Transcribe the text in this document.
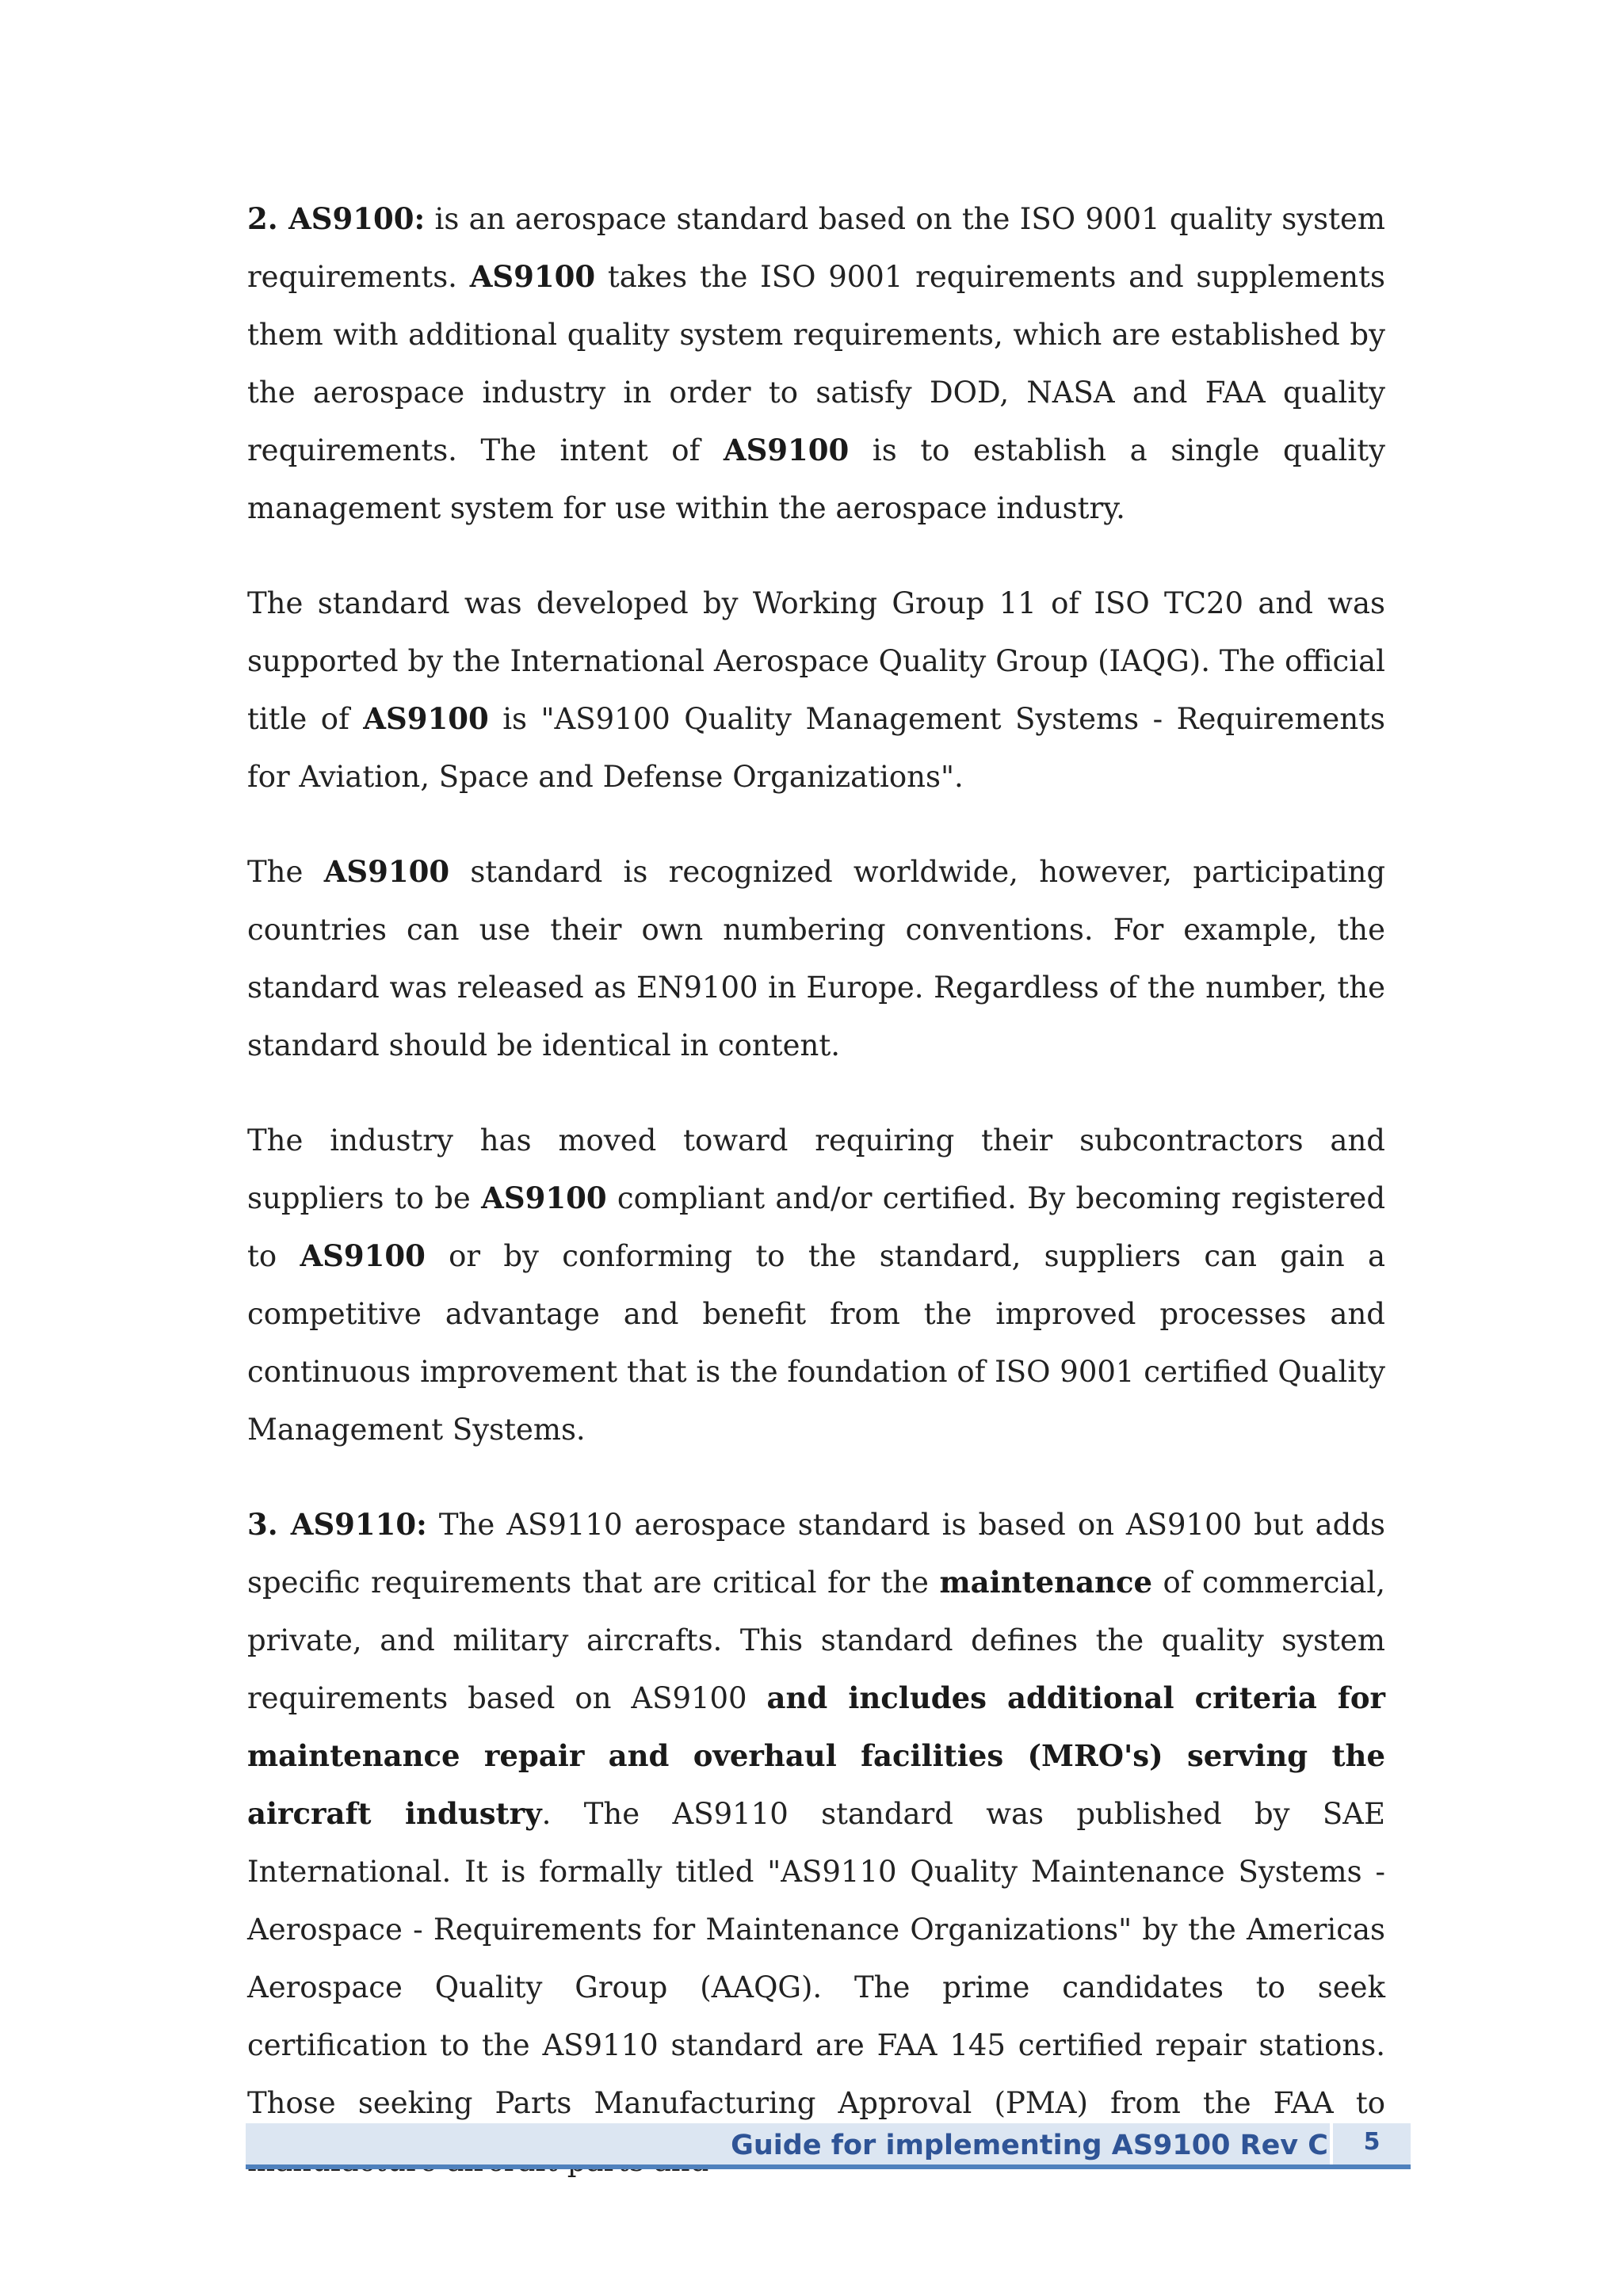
2. AS9100: is an aerospace standard based on the ISO 9001 quality system requirements. AS9100 takes the ISO 9001 requirements and supplements them with additional quality system requirements, which are established by the aerospace industry in order to satisfy DOD, NASA and FAA quality requirements. The intent of AS9100 is to establish a single quality management system for use within the aerospace industry.

The standard was developed by Working Group 11 of ISO TC20 and was supported by the International Aerospace Quality Group (IAQG). The official title of AS9100 is "AS9100 Quality Management Systems - Requirements for Aviation, Space and Defense Organizations".

The AS9100 standard is recognized worldwide, however, participating countries can use their own numbering conventions. For example, the standard was released as EN9100 in Europe. Regardless of the number, the standard should be identical in content.

The industry has moved toward requiring their subcontractors and suppliers to be AS9100 compliant and/or certified. By becoming registered to AS9100 or by conforming to the standard, suppliers can gain a competitive advantage and benefit from the improved processes and continuous improvement that is the foundation of ISO 9001 certified Quality Management Systems.

3. AS9110: The AS9110 aerospace standard is based on AS9100 but adds specific requirements that are critical for the maintenance of commercial, private, and military aircrafts. This standard defines the quality system requirements based on AS9100 and includes additional criteria for maintenance repair and overhaul facilities (MRO's) serving the aircraft industry. The AS9110 standard was published by SAE International. It is formally titled "AS9110 Quality Maintenance Systems - Aerospace - Requirements for Maintenance Organizations" by the Americas Aerospace Quality Group (AAQG). The prime candidates to seek certification to the AS9110 standard are FAA 145 certified repair stations. Those seeking Parts Manufacturing Approval (PMA) from the FAA to

Guide for implementing AS9100 Rev C	5
